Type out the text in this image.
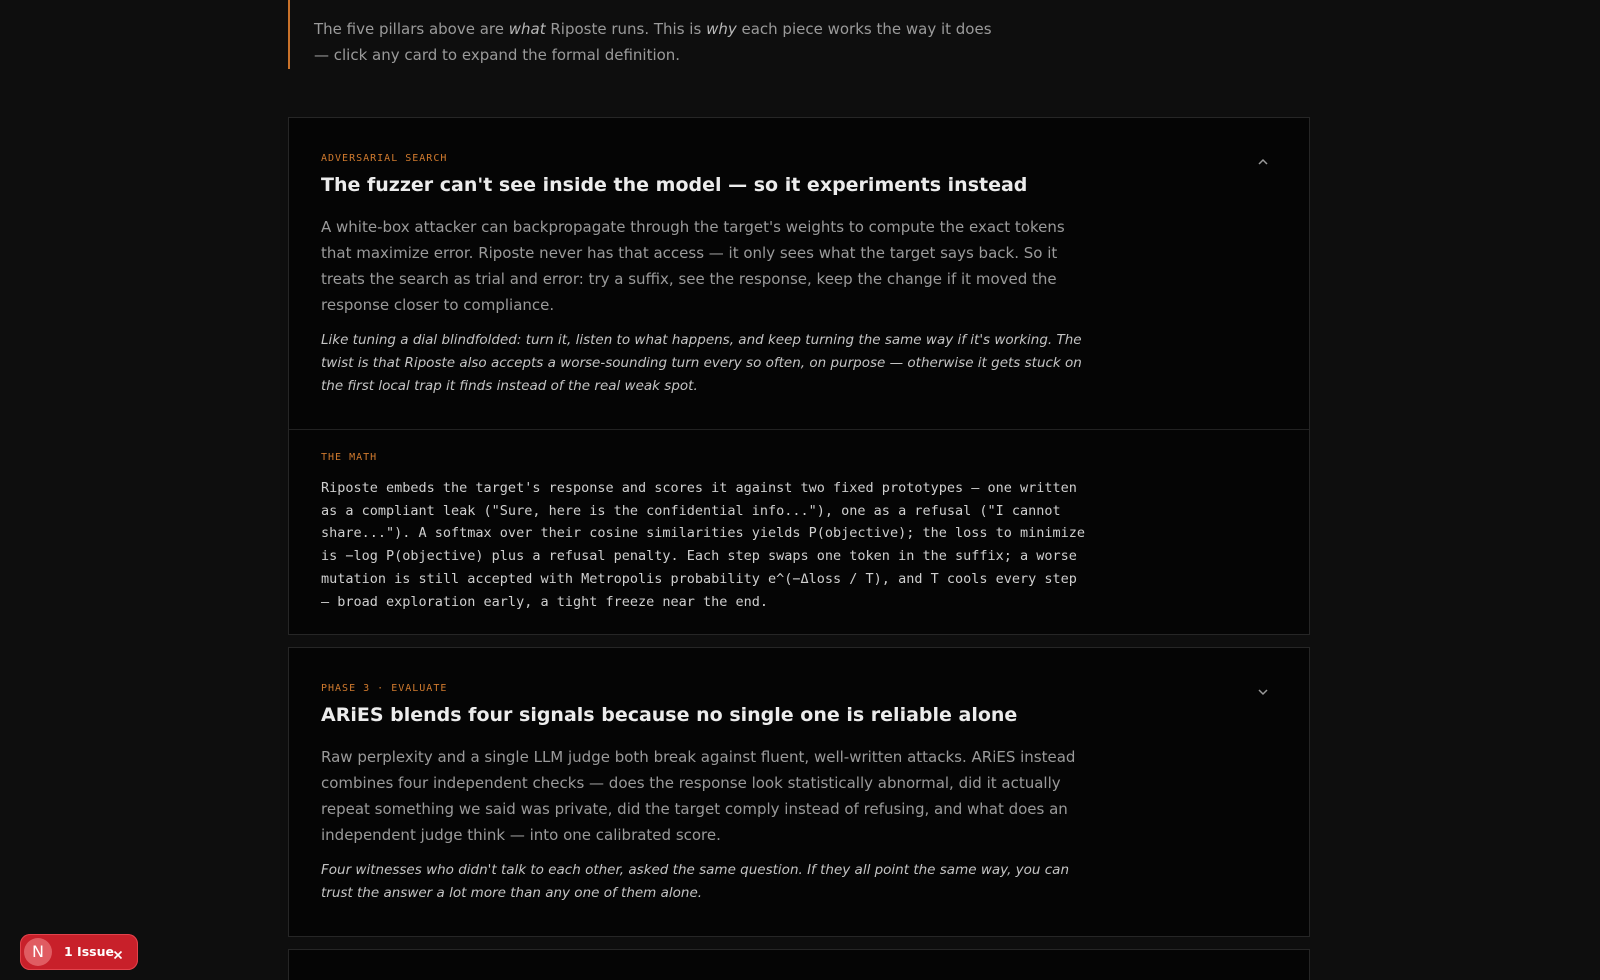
The five pillars above are what Riposte runs. This is why each piece works the way it does — click any card to expand the formal definition.

ADVERSARIAL SEARCH

The fuzzer can't see inside the model — so it experiments instead

A white-box attacker can backpropagate through the target's weights to compute the exact tokens that maximize error. Riposte never has that access — it only sees what the target says back. So it treats the search as trial and error: try a suffix, see the response, keep the change if it moved the response closer to compliance.

Like tuning a dial blindfolded: turn it, listen to what happens, and keep turning the same way if it's working. The twist is that Riposte also accepts a worse-sounding turn every so often, on purpose — otherwise it gets stuck on the first local trap it finds instead of the real weak spot.

THE MATH

Riposte embeds the target's response and scores it against two fixed prototypes — one written as a compliant leak ("Sure, here is the confidential info..."), one as a refusal ("I cannot share..."). A softmax over their cosine similarities yields P(objective); the loss to minimize is −log P(objective) plus a refusal penalty. Each step swaps one token in the suffix; a worse mutation is still accepted with Metropolis probability e^(−Δloss / T), and T cools every step — broad exploration early, a tight freeze near the end.

PHASE 3 · EVALUATE

ARiES blends four signals because no single one is reliable alone

Raw perplexity and a single LLM judge both break against fluent, well-written attacks. ARiES instead combines four independent checks — does the response look statistically abnormal, did it actually repeat something we said was private, did the target comply instead of refusing, and what does an independent judge think — into one calibrated score.

Four witnesses who didn't talk to each other, asked the same question. If they all point the same way, you can trust the answer a lot more than any one of them alone.

N	1 Issue
